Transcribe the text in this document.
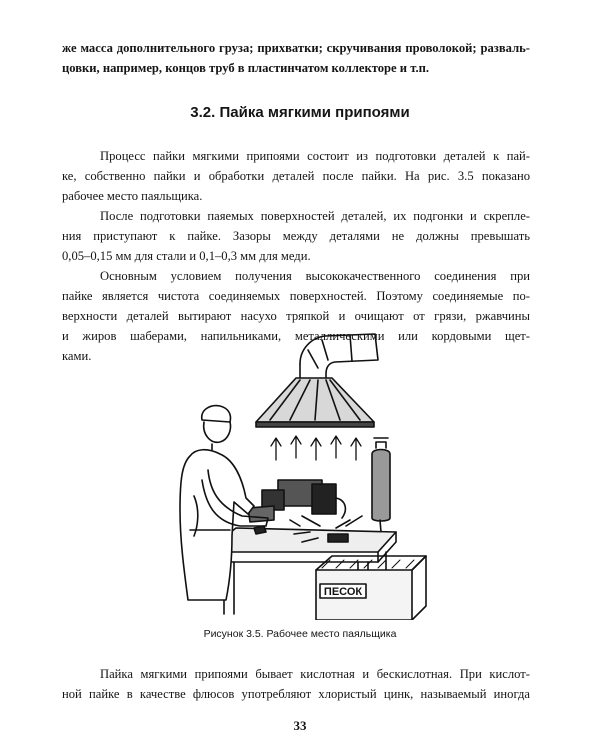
же масса дополнительного груза; прихватки; скручивания проволокой; разваль-
цовки, например, концов труб в пластинчатом коллекторе и т.п.
3.2. Пайка мягкими припоями
Процесс пайки мягкими припоями состоит из подготовки деталей к пай-
ке, собственно пайки и обработки деталей после пайки. На рис. 3.5 показано
рабочее место паяльщика.
После подготовки паяемых поверхностей деталей, их подгонки и скрепле-
ния приступают к пайке. Зазоры между деталями не должны превышать
0,05–0,15 мм для стали и 0,1–0,3 мм для меди.
Основным условием получения высококачественного соединения при
пайке является чистота соединяемых поверхностей. Поэтому соединяемые по-
верхности деталей вытирают насухо тряпкой и очищают от грязи, ржавчины
и жиров шаберами, напильниками, металлическими или кордовыми щет-
ками.
ПЕСОК
Рисунок 3.5. Рабочее место паяльщика
Пайка мягкими припоями бывает кислотная и бескислотная. При кислот-
ной пайке в качестве флюсов употребляют хлористый цинк, называемый иногда
33
